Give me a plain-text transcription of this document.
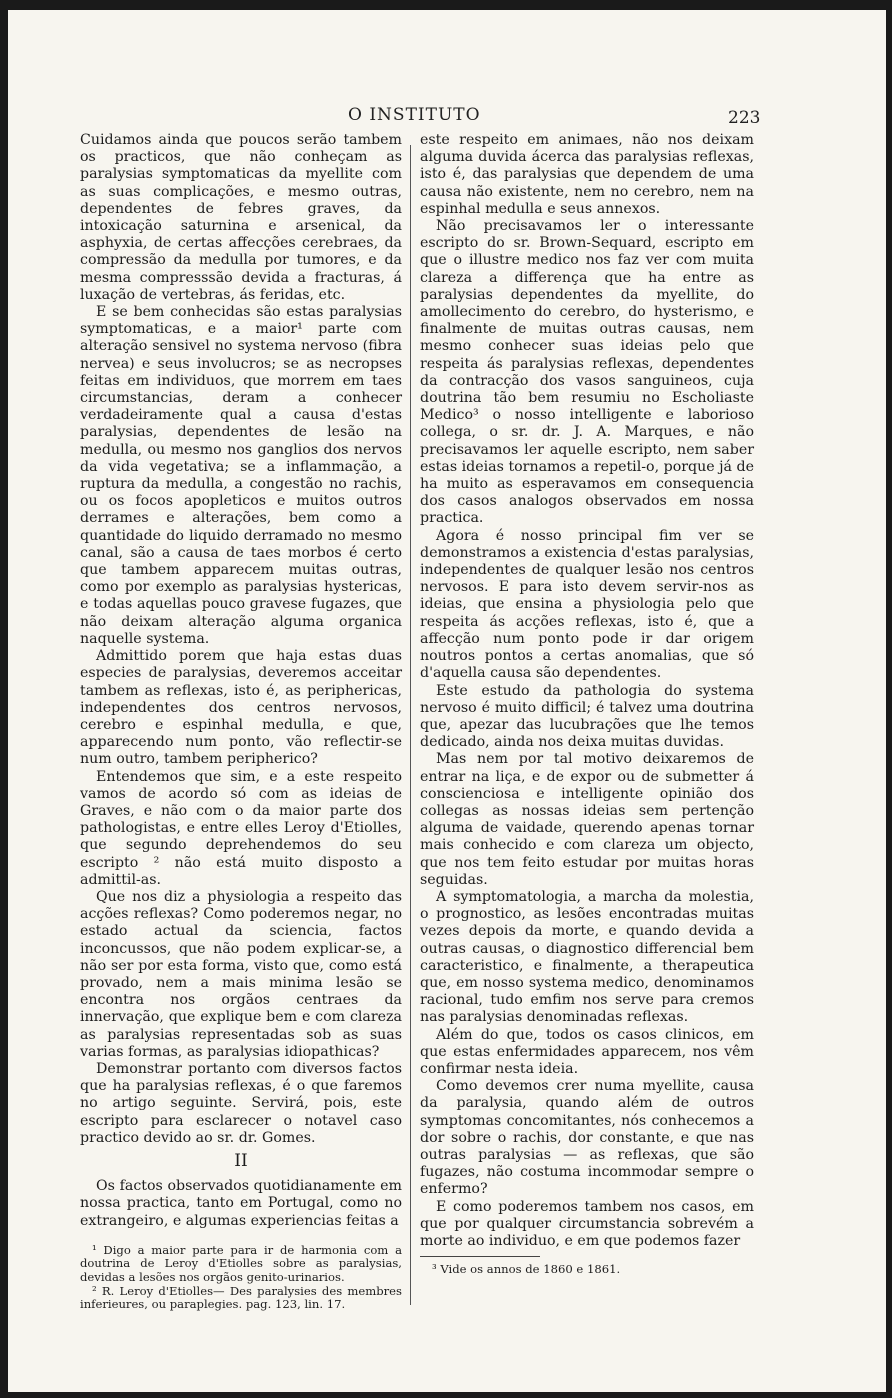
O INSTITUTO	223

Cuidamos ainda que poucos serão tambem os practicos, que não conheçam as paralysias symptomaticas da myellite com as suas complicações, e mesmo outras, dependentes de febres graves, da intoxicação saturnina e arsenical, da asphyxia, de certas affecções cerebraes, da compressão da medulla por tumores, e da mesma compresssão devida a fracturas, á luxação de vertebras, ás feridas, etc.

E se bem conhecidas são estas paralysias symptomaticas, e a maior¹ parte com alteração sensivel no systema nervoso (fibra nervea) e seus involucros; se as necropses feitas em individuos, que morrem em taes circumstancias, deram a conhecer verdadeiramente qual a causa d'estas paralysias, dependentes de lesão na medulla, ou mesmo nos ganglios dos nervos da vida vegetativa; se a inflammação, a ruptura da medulla, a congestão no rachis, ou os focos apopleticos e muitos outros derrames e alterações, bem como a quantidade do liquido derramado no mesmo canal, são a causa de taes morbos é certo que tambem apparecem muitas outras, como por exemplo as paralysias hystericas, e todas aquellas pouco gravese fugazes, que não deixam alteração alguma organica naquelle systema.

Admittido porem que haja estas duas especies de paralysias, deveremos acceitar tambem as reflexas, isto é, as periphericas, independentes dos centros nervosos, cerebro e espinhal medulla, e que, apparecendo num ponto, vão reflectir-se num outro, tambem peripherico?

Entendemos que sim, e a este respeito vamos de acordo só com as ideias de Graves, e não com o da maior parte dos pathologistas, e entre elles Leroy d'Etiolles, que segundo deprehendemos do seu escripto ² não está muito disposto a admittil-as.

Que nos diz a physiologia a respeito das acções reflexas? Como poderemos negar, no estado actual da sciencia, factos inconcussos, que não podem explicar-se, a não ser por esta forma, visto que, como está provado, nem a mais minima lesão se encontra nos orgãos centraes da innervação, que explique bem e com clareza as paralysias representadas sob as suas varias formas, as paralysias idiopathicas?

Demonstrar portanto com diversos factos que ha paralysias reflexas, é o que faremos no artigo seguinte. Servirá, pois, este escripto para esclarecer o notavel caso practico devido ao sr. dr. Gomes.

II

Os factos observados quotidianamente em nossa practica, tanto em Portugal, como no extrangeiro, e algumas experiencias feitas a

¹ Digo a maior parte para ir de harmonia com a doutrina de Leroy d'Etiolles sobre as paralysias, devidas a lesões nos orgãos genito-urinarios.

² R. Leroy d'Etiolles— Des paralysies des membres inferieures, ou paraplegies. pag. 123, lin. 17.

este respeito em animaes, não nos deixam alguma duvida ácerca das paralysias reflexas, isto é, das paralysias que dependem de uma causa não existente, nem no cerebro, nem na espinhal medulla e seus annexos.

Não precisavamos ler o interessante escripto do sr. Brown-Sequard, escripto em que o illustre medico nos faz ver com muita clareza a differença que ha entre as paralysias dependentes da myellite, do amollecimento do cerebro, do hysterismo, e finalmente de muitas outras causas, nem mesmo conhecer suas ideias pelo que respeita ás paralysias reflexas, dependentes da contracção dos vasos sanguineos, cuja doutrina tão bem resumiu no Escholiaste Medico³ o nosso intelligente e laborioso collega, o sr. dr. J. A. Marques, e não precisavamos ler aquelle escripto, nem saber estas ideias tornamos a repetil-o, porque já de ha muito as esperavamos em consequencia dos casos analogos observados em nossa practica.

Agora é nosso principal fim ver se demonstramos a existencia d'estas paralysias, independentes de qualquer lesão nos centros nervosos. E para isto devem servir-nos as ideias, que ensina a physiologia pelo que respeita ás acções reflexas, isto é, que a affecção num ponto pode ir dar origem noutros pontos a certas anomalias, que só d'aquella causa são dependentes.

Este estudo da pathologia do systema nervoso é muito difficil; é talvez uma doutrina que, apezar das lucubrações que lhe temos dedicado, ainda nos deixa muitas duvidas.

Mas nem por tal motivo deixaremos de entrar na liça, e de expor ou de submetter á conscienciosa e intelligente opinião dos collegas as nossas ideias sem pertenção alguma de vaidade, querendo apenas tornar mais conhecido e com clareza um objecto, que nos tem feito estudar por muitas horas seguidas.

A symptomatologia, a marcha da molestia, o prognostico, as lesões encontradas muitas vezes depois da morte, e quando devida a outras causas, o diagnostico differencial bem caracteristico, e finalmente, a therapeutica que, em nosso systema medico, denominamos racional, tudo emfim nos serve para cremos nas paralysias denominadas reflexas.

Além do que, todos os casos clinicos, em que estas enfermidades apparecem, nos vêm confirmar nesta ideia.

Como devemos crer numa myellite, causa da paralysia, quando além de outros symptomas concomitantes, nós conhecemos a dor sobre o rachis, dor constante, e que nas outras paralysias — as reflexas, que são fugazes, não costuma incommodar sempre o enfermo?

E como poderemos tambem nos casos, em que por qualquer circumstancia sobrevém a morte ao individuo, e em que podemos fazer

³ Vide os annos de 1860 e 1861.
